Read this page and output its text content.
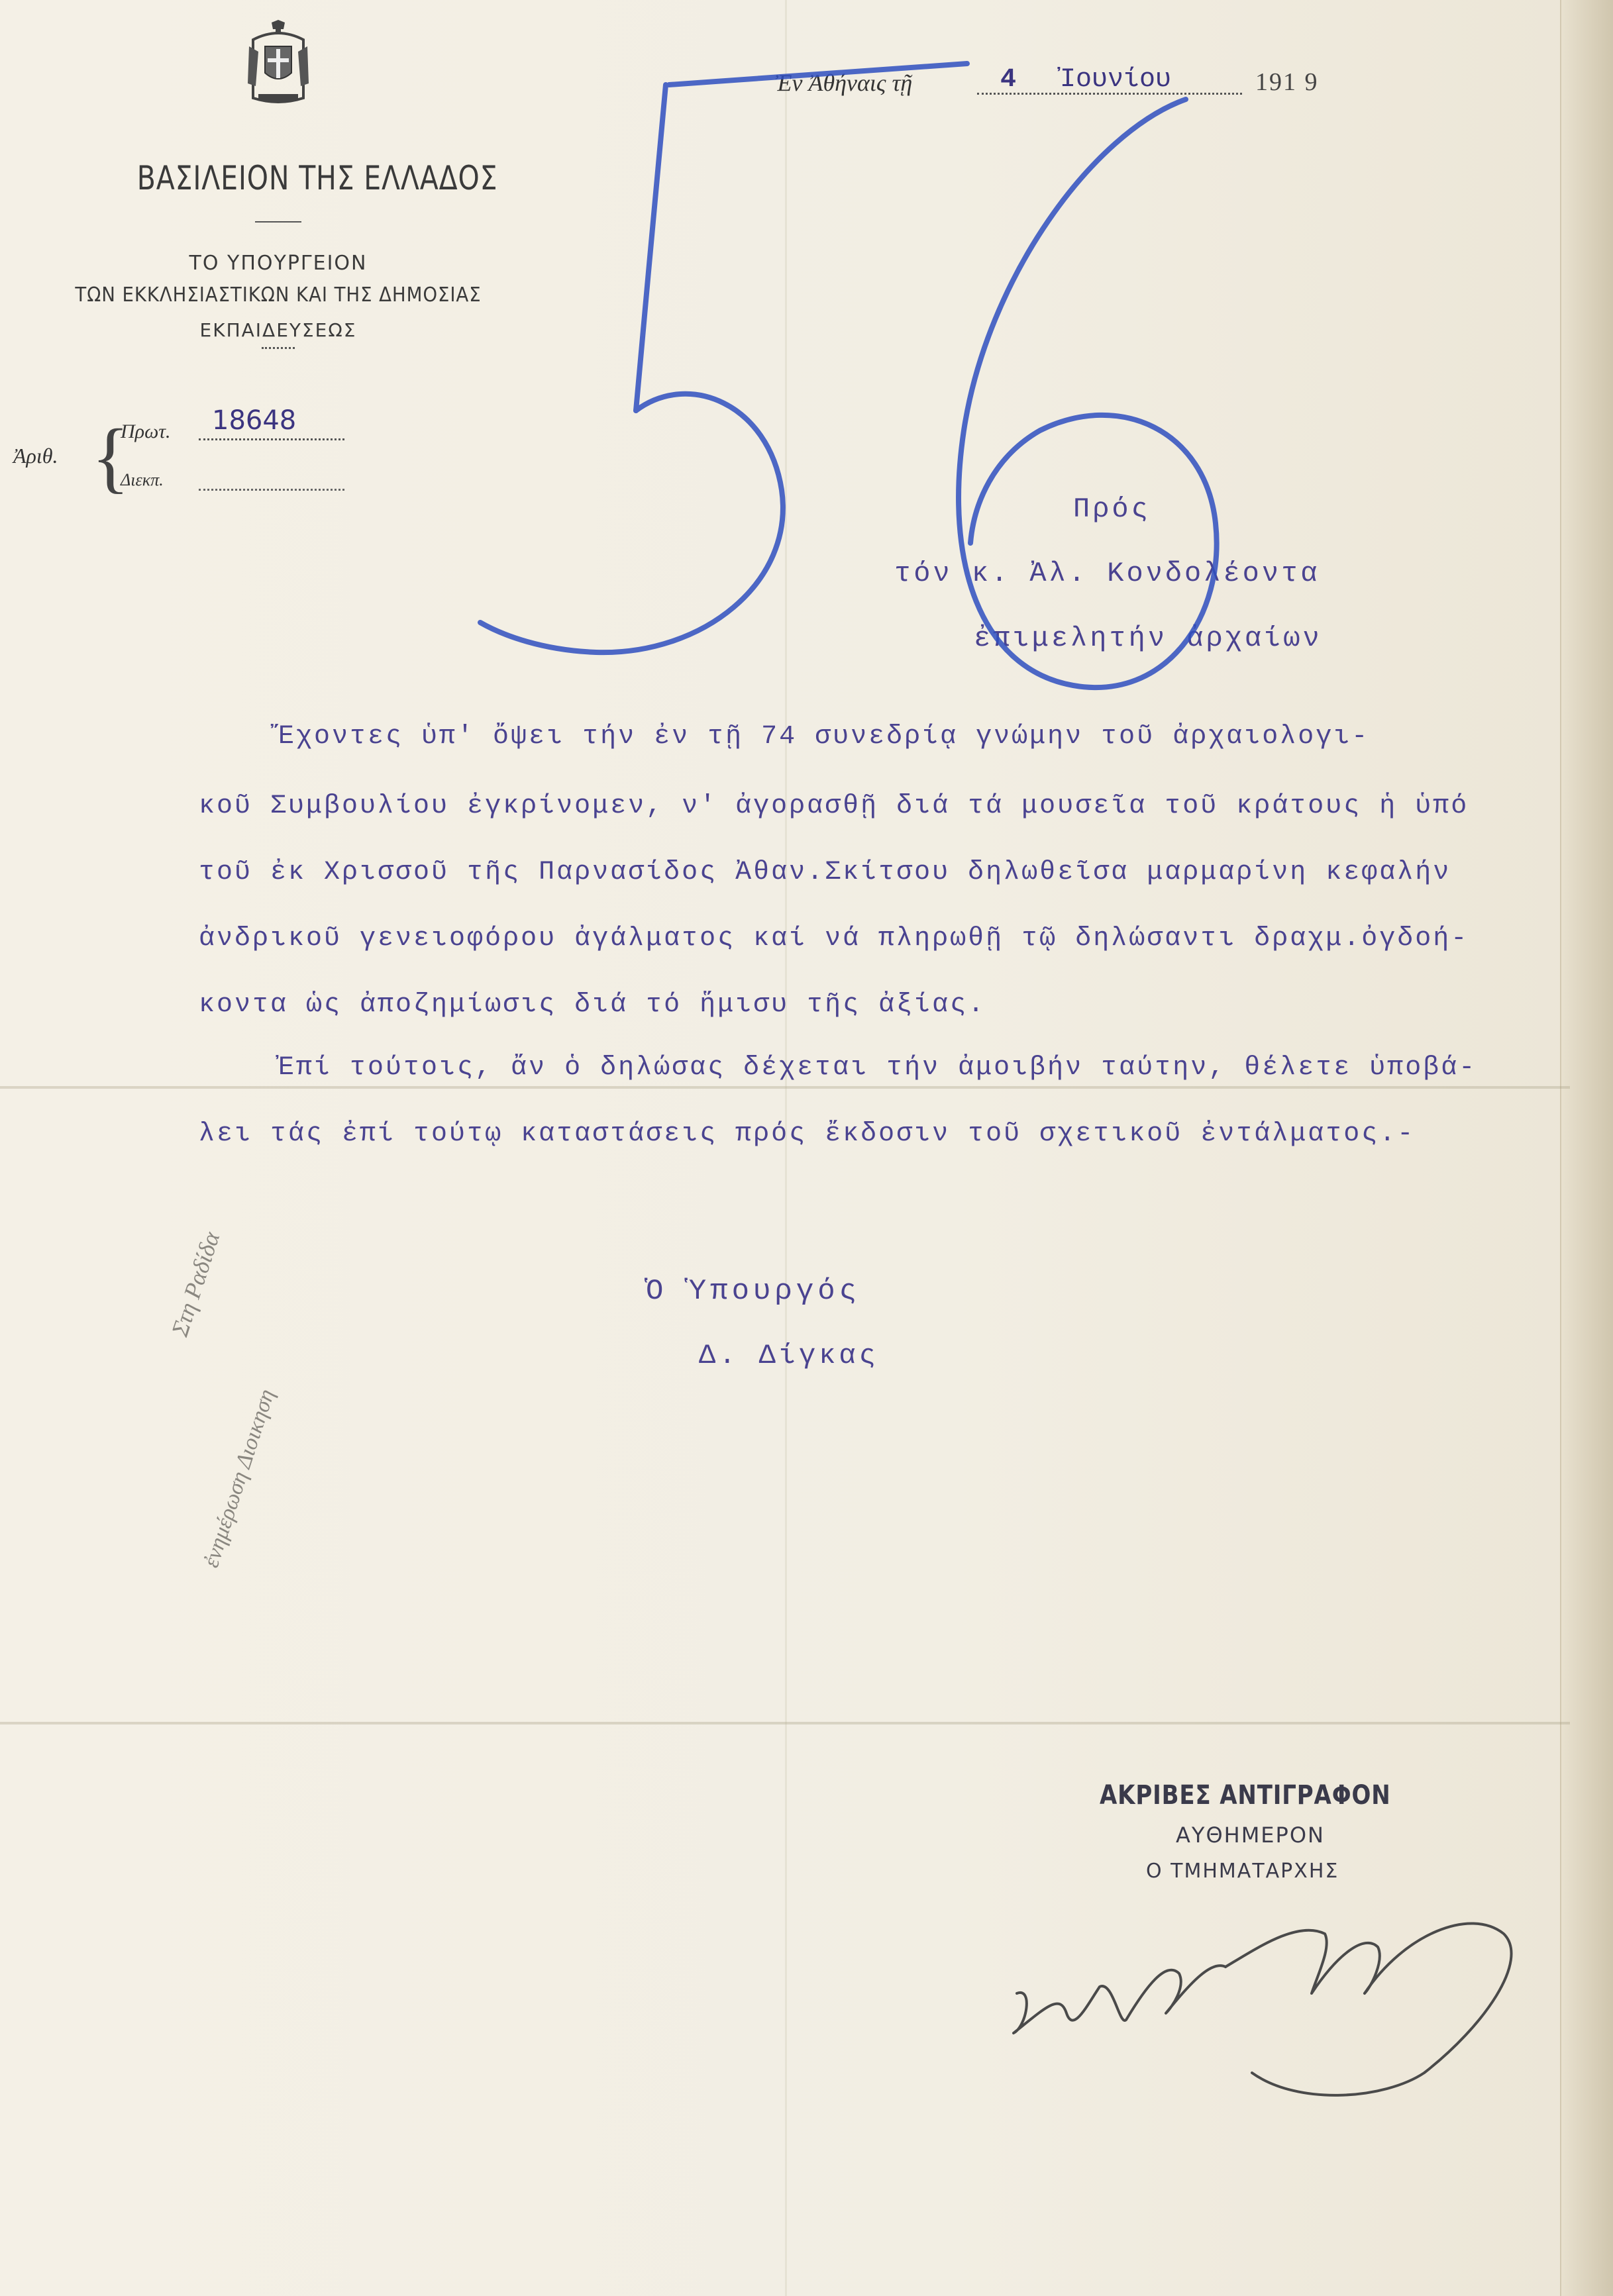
ΒΑΣΙΛΕΙΟΝ ΤΗΣ ΕΛΛΑΔΟΣ
ΤΟ ΥΠΟΥΡΓΕΙΟΝ
ΤΩΝ ΕΚΚΛΗΣΙΑΣΤΙΚΩΝ ΚΑΙ ΤΗΣ ΔΗΜΟΣΙΑΣ
ΕΚΠΑΙΔΕΥΣΕΩΣ
Ἀριθ. {
Πρωτ. 18648
Διεκπ.
Ἐν Ἀθήναις τῇ	4 Ἰουνίου	191 9
Πρός
τόν κ. Ἀλ. Κονδολέοντα
ἐπιμελητήν ἀρχαίων
Ἔχοντες ὑπ' ὄψει τήν ἐν τῇ 74 συνεδρίᾳ γνώμην τοῦ ἀρχαιολογι-
κοῦ Συμβουλίου ἐγκρίνομεν, ν' ἀγορασθῇ διά τά μουσεῖα τοῦ κράτους ἡ ὑπό
τοῦ ἐκ Χρισσοῦ τῆς Παρνασίδος Ἀθαν.Σκίτσου δηλωθεῖσα μαρμαρίνη κεφαλήν
ἀνδρικοῦ γενειοφόρου ἀγάλματος καί νά πληρωθῇ τῷ δηλώσαντι δραχμ.ὀγδοή-
κοντα ὡς ἀποζημίωσις διά τό ἥμισυ τῆς ἀξίας.
Ἐπί τούτοις, ἄν ὁ δηλώσας δέχεται τήν ἀμοιβήν ταύτην, θέλετε ὑποβά-
λει τάς ἐπί τούτῳ καταστάσεις πρός ἔκδοσιν τοῦ σχετικοῦ ἐντάλματος.-
Ὁ Ὑπουργός
Δ. Δίγκας
Στη Ραδίδα
ἐνημέρωση Διοικηση
ΑΚΡΙΒΕΣ ΑΝΤΙΓΡΑΦΟΝ
ΑΥΘΗΜΕΡΟΝ
Ο ΤΜΗΜΑΤΑΡΧΗΣ
